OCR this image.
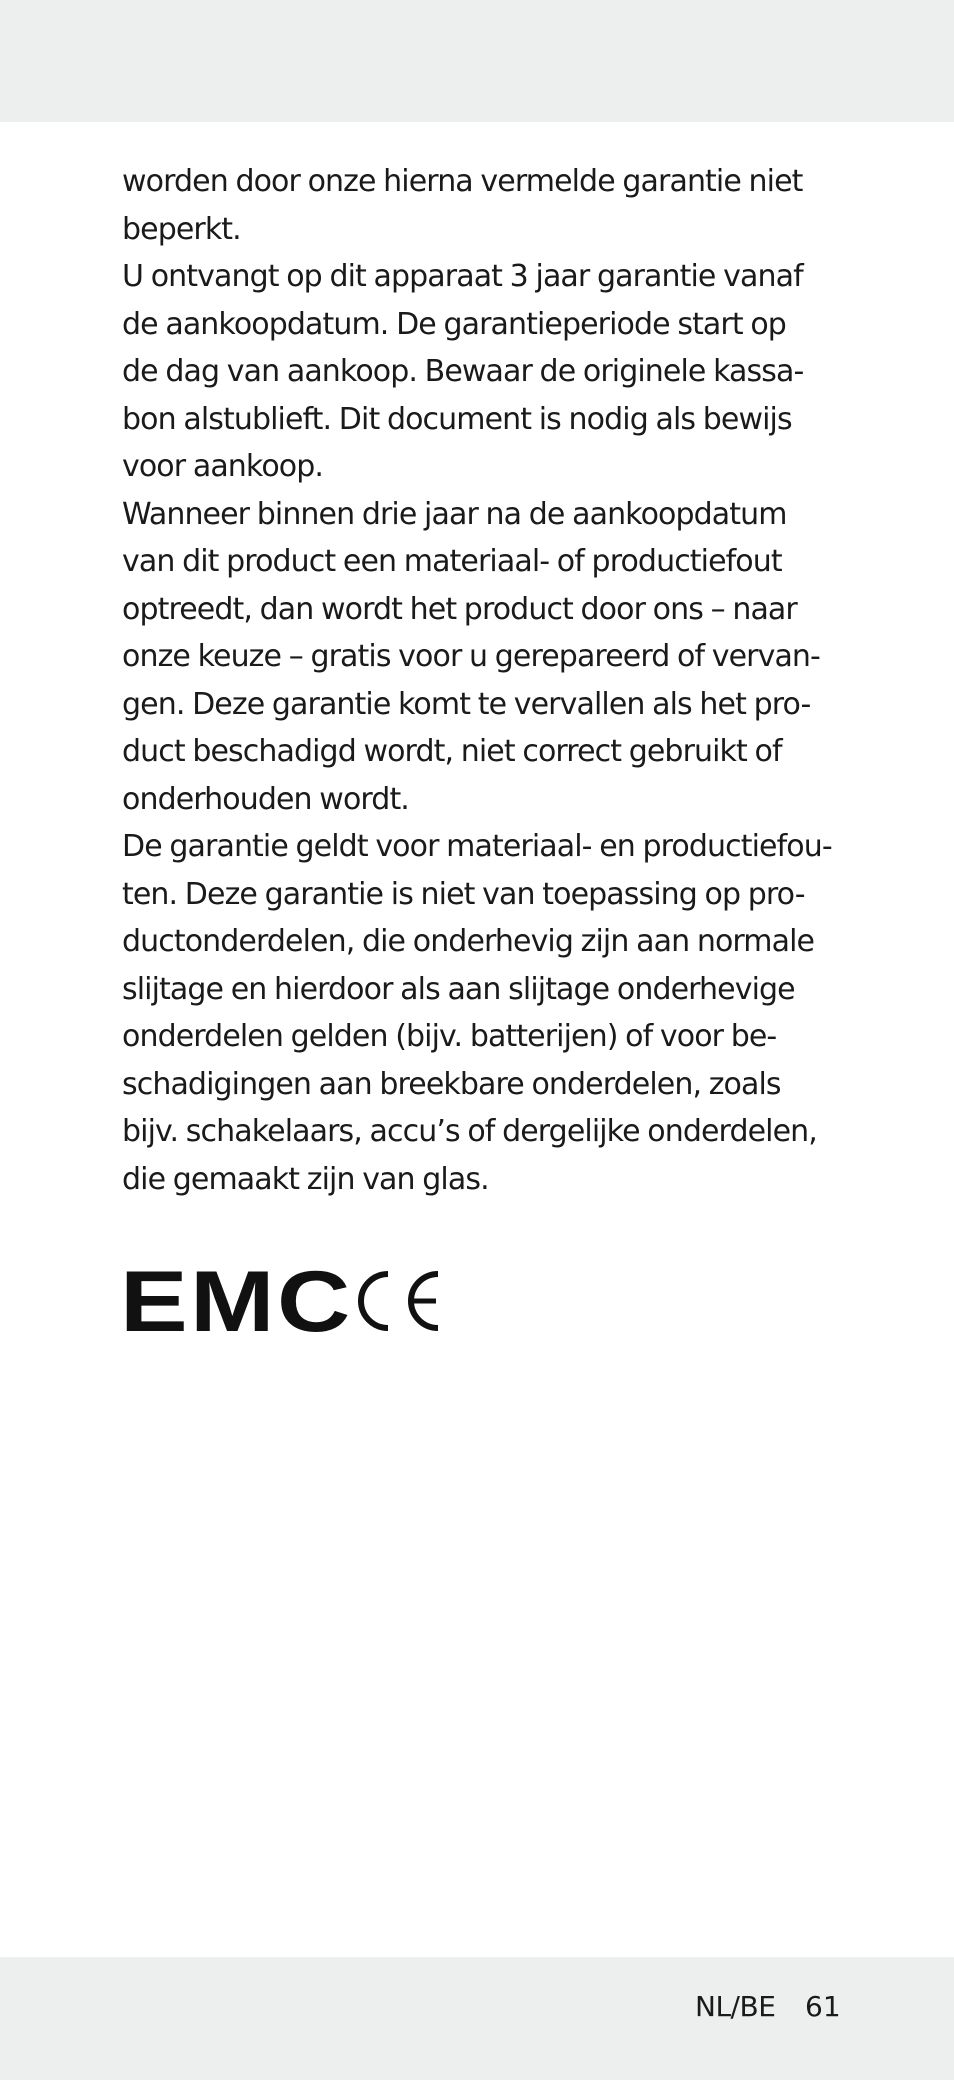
worden door onze hierna vermelde garantie niet
beperkt.

U ontvangt op dit apparaat 3 jaar garantie vanaf
de aankoopdatum. De garantieperiode start op
de dag van aankoop. Bewaar de originele kassa-
bon alstublieft. Dit document is nodig als bewijs
voor aankoop.

Wanneer binnen drie jaar na de aankoopdatum
van dit product een materiaal- of productiefout
optreedt, dan wordt het product door ons – naar
onze keuze – gratis voor u gerepareerd of vervan-
gen. Deze garantie komt te vervallen als het pro-
duct beschadigd wordt, niet correct gebruikt of
onderhouden wordt.

De garantie geldt voor materiaal- en productiefou-
ten. Deze garantie is niet van toepassing op pro-
ductonderdelen, die onderhevig zijn aan normale
slijtage en hierdoor als aan slijtage onderhevige
onderdelen gelden (bijv. batterijen) of voor be-
schadigingen aan breekbare onderdelen, zoals
bijv. schakelaars, accu’s of dergelijke onderdelen,
die gemaakt zijn van glas.

EMC
NL/BE 61
